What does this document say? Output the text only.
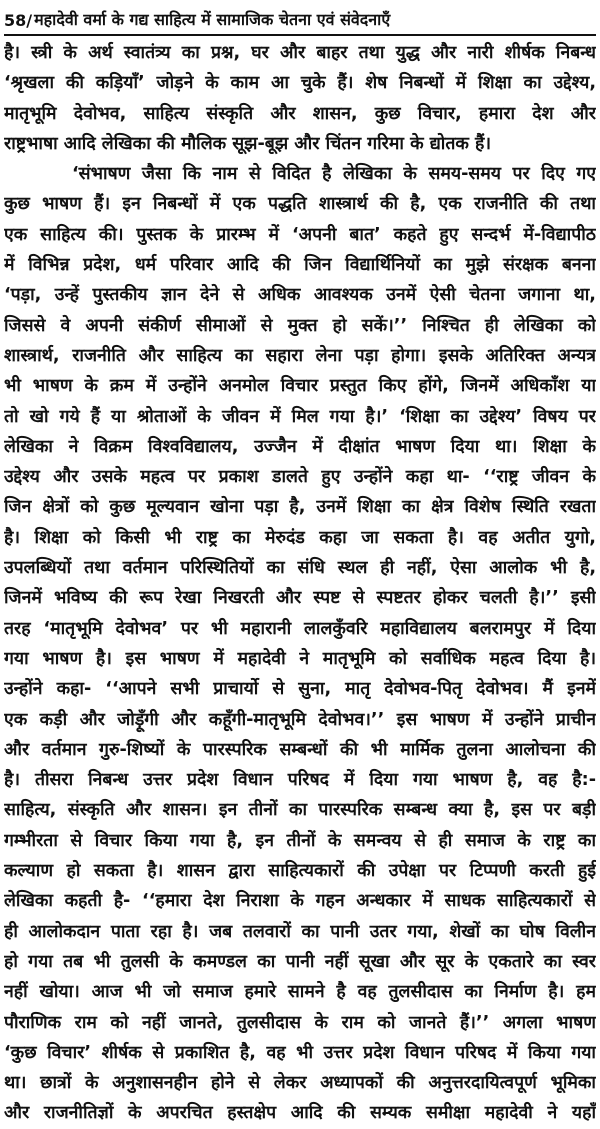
58 / महादेवी वर्मा के गद्य साहित्य में सामाजिक चेतना एवं संवेदनाएँ
है। स्त्री के अर्थ स्वातंत्र्य का प्रश्न, घर और बाहर तथा युद्ध और नारी शीर्षक निबन्ध
‘श्रृखला की कड़ियाँ’ जोड़ने के काम आ चुके हैं। शेष निबन्धों में शिक्षा का उद्देश्य,
मातृभूमि देवोभव, साहित्य संस्कृति और शासन, कुछ विचार, हमारा देश और
राष्ट्रभाषा आदि लेखिका की मौलिक सूझ-बूझ और चिंतन गरिमा के द्योतक हैं।
‘संभाषण जैसा कि नाम से विदित है लेखिका के समय-समय पर दिए गए
कुछ भाषण हैं। इन निबन्धों में एक पद्धति शास्त्रार्थ की है, एक राजनीति की तथा
एक साहित्य की। पुस्तक के प्रारम्भ में ‘अपनी बात’ कहते हुए सन्दर्भ में-विद्यापीठ
में विभिन्न प्रदेश, धर्म परिवार आदि की जिन विद्यार्थिनियों का मुझे संरक्षक बनना
‘पड़ा, उन्हें पुस्तकीय ज्ञान देने से अधिक आवश्यक उनमें ऐसी चेतना जगाना था,
जिससे वे अपनी संकीर्ण सीमाओं से मुक्त हो सकें।’’ निश्चित ही लेखिका को
शास्त्रार्थ, राजनीति और साहित्य का सहारा लेना पड़ा होगा। इसके अतिरिक्त अन्यत्र
भी भाषण के क्रम में उन्होंने अनमोल विचार प्रस्तुत किए होंगे, जिनमें अधिकाँश या
तो खो गये हैं या श्रोताओं के जीवन में मिल गया है।’ ‘शिक्षा का उद्देश्य’ विषय पर
लेखिका ने विक्रम विश्वविद्यालय, उज्जैन में दीक्षांत भाषण दिया था। शिक्षा के
उद्देश्य और उसके महत्व पर प्रकाश डालते हुए उन्होंने कहा था- ‘‘राष्ट्र जीवन के
जिन क्षेत्रों को कुछ मूल्यवान खोना पड़ा है, उनमें शिक्षा का क्षेत्र विशेष स्थिति रखता
है। शिक्षा को किसी भी राष्ट्र का मेरुदंड कहा जा सकता है। वह अतीत युगो,
उपलब्धियों तथा वर्तमान परिस्थितियों का संधि स्थल ही नहीं, ऐसा आलोक भी है,
जिनमें भविष्य की रूप रेखा निखरती और स्पष्ट से स्पष्टतर होकर चलती है।’’ इसी
तरह ‘मातृभूमि देवोभव’ पर भी महारानी लालकुँवरि महाविद्यालय बलरामपुर में दिया
गया भाषण है। इस भाषण में महादेवी ने मातृभूमि को सर्वाधिक महत्व दिया है।
उन्होंने कहा- ‘‘आपने सभी प्राचार्यो से सुना, मातृ देवोभव-पितृ देवोभव। मैं इनमें
एक कड़ी और जोड़ूँगी और कहूँगी-मातृभूमि देवोभव।’’ इस भाषण में उन्होंने प्राचीन
और वर्तमान गुरु-शिष्यों के पारस्परिक सम्बन्धों की भी मार्मिक तुलना आलोचना की
है। तीसरा निबन्ध उत्तर प्रदेश विधान परिषद में दिया गया भाषण है, वह है:-
साहित्य, संस्कृति और शासन। इन तीनों का पारस्परिक सम्बन्ध क्या है, इस पर बड़ी
गम्भीरता से विचार किया गया है, इन तीनों के समन्वय से ही समाज के राष्ट्र का
कल्याण हो सकता है। शासन द्वारा साहित्यकारों की उपेक्षा पर टिप्पणी करती हुई
लेखिका कहती है- ‘‘हमारा देश निराशा के गहन अन्धकार में साधक साहित्यकारों से
ही आलोकदान पाता रहा है। जब तलवारों का पानी उतर गया, शेखों का घोष विलीन
हो गया तब भी तुलसी के कमण्डल का पानी नहीं सूखा और सूर के एकतारे का स्वर
नहीं खोया। आज भी जो समाज हमारे सामने है वह तुलसीदास का निर्माण है। हम
पौराणिक राम को नहीं जानते, तुलसीदास के राम को जानते हैं।’’ अगला भाषण
‘कुछ विचार’ शीर्षक से प्रकाशित है, वह भी उत्तर प्रदेश विधान परिषद में किया गया
था। छात्रों के अनुशासनहीन होने से लेकर अध्यापकों की अनुत्तरदायित्वपूर्ण भूमिका
और राजनीतिज्ञों के अपरचित हस्तक्षेप आदि की सम्यक समीक्षा महादेवी ने यहाँ
